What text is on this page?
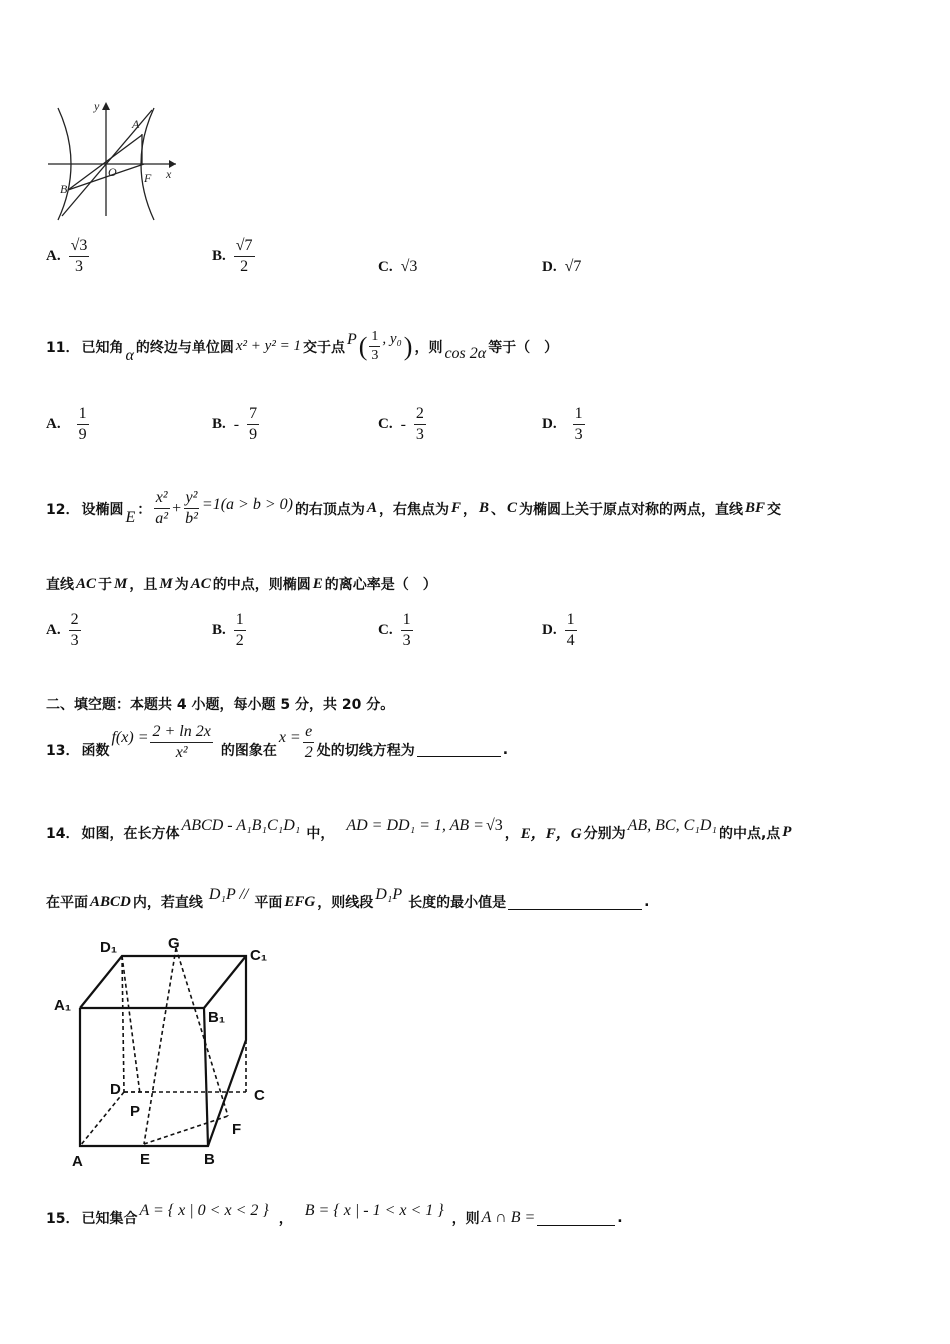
y
A
B
O F x
A. $\frac{√3}{3}$	B. $\frac{√7}{2}$	C. √3	D. √7
11． 已知角 α 的终边与单位圆 x² + y² = 1 交于点 P ( $\frac{1}{3}$ , y₀ ) ，则 cos 2α 等于（　）
A. $\frac{1}{9}$	B. - $\frac{7}{9}$	C. - $\frac{2}{3}$	D. $\frac{1}{3}$
12． 设椭圆 E ： $\frac{\text{x²}}{\text{a²}} + \frac{\text{y²}}{\text{b²}} =1(a > b > 0)$ 的右顶点为 A ，右焦点为 F ， B 、 C 为椭圆上关于原点对称的两点，直线 BF 交
直线 AC 于 M ，且 M 为 AC 的中点，则椭圆 E 的离心率是（　）
A. $\frac{2}{3}$	B. $\frac{1}{2}$	C. $\frac{1}{3}$	D. $\frac{1}{4}$
二、填空题：本题共 4 小题，每小题 5 分，共 20 分。
13． 函数
$f(x) = \frac{2 + \ln 2x}{\text{x²}}$ 的图象在
$x = \frac{e}{2}$ 处的切线方程为	.
14． 如图，在长方体 ABCD - A₁B₁C₁D₁ 中， AD = DD₁ = 1, AB = √3 ， E，F，G 分别为 AB, BC, C₁D₁ 的中点,点 P
在平面 ABCD 内，若直线 D₁P // 平面 EFG ，则线段 D₁P 长度的最小值是	.
D₁	G
C₁
A₁
B₁
D	C
P
F
A	E	B
15． 已知集合 A = { x | 0 < x < 2 } ， B = { x | - 1 < x < 1 } ，则 A ∩ B =	.
